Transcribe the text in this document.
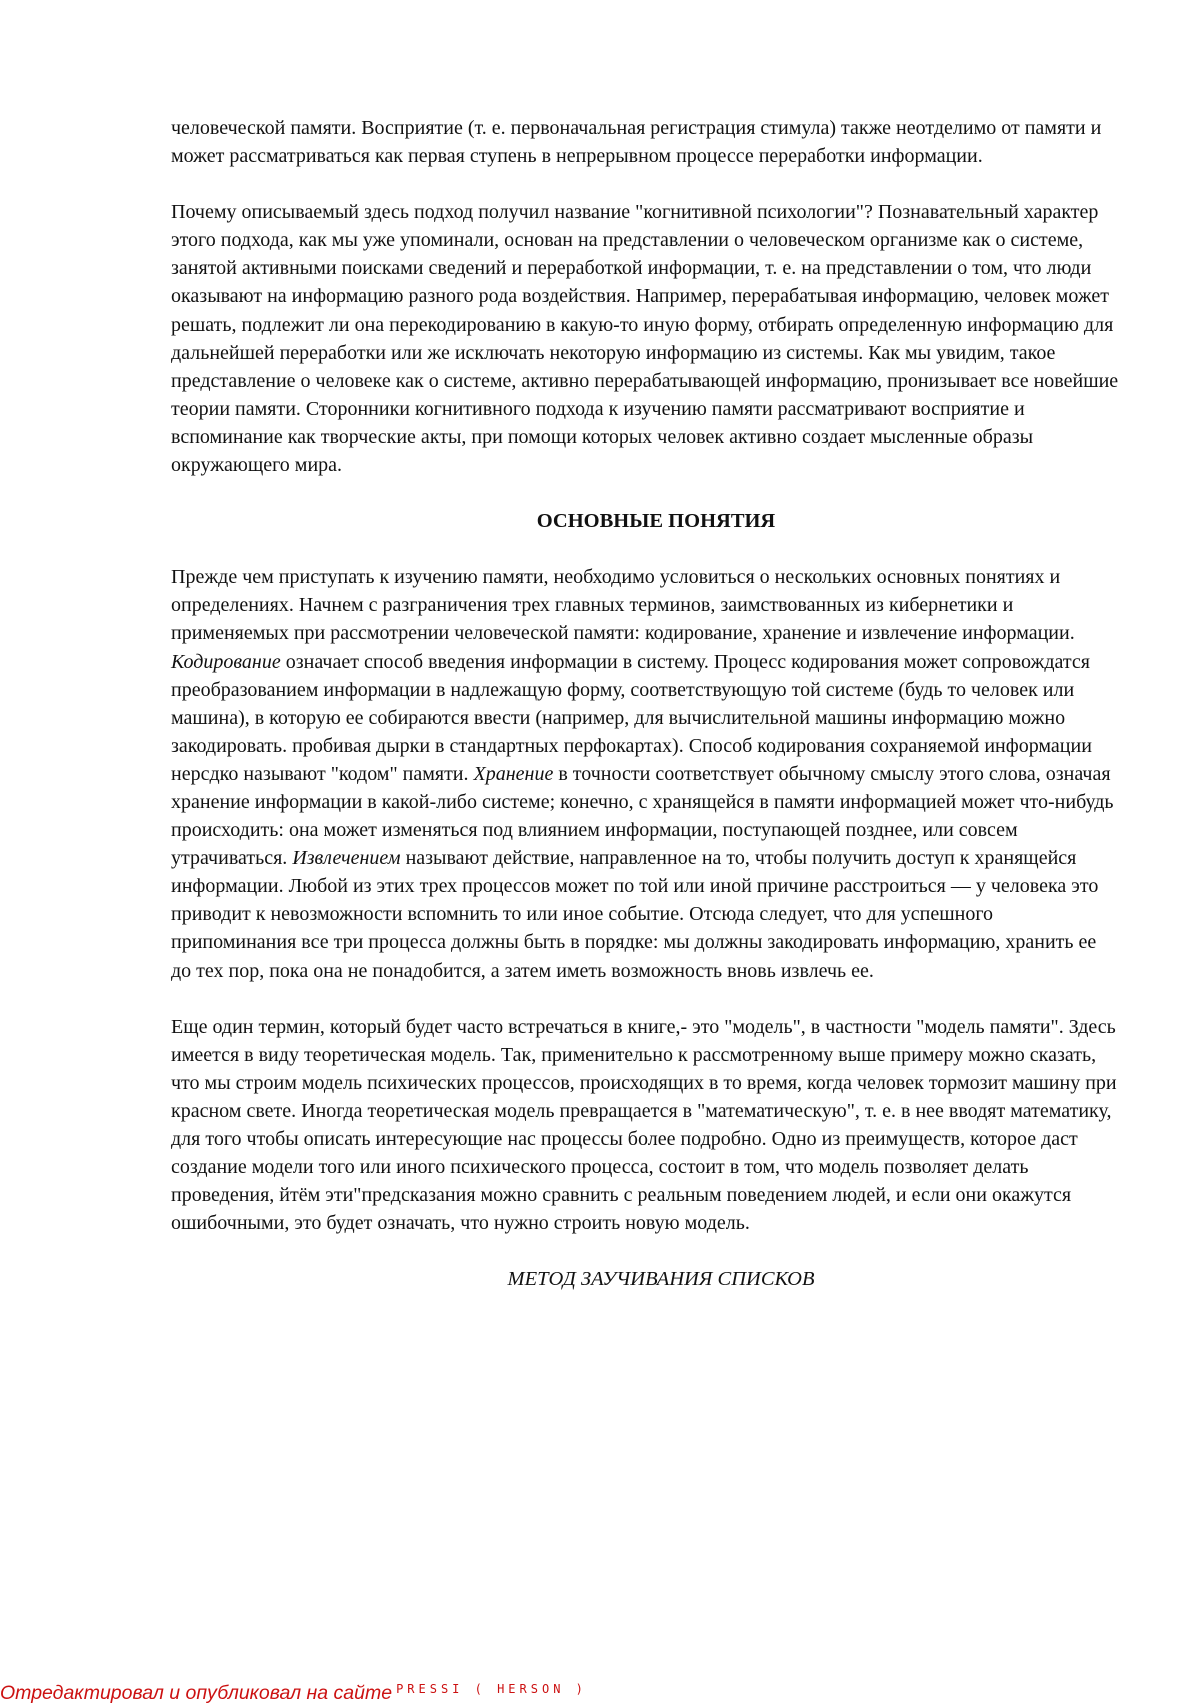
человеческой памяти. Восприятие (т. е. первоначальная регистрация стимула) также неотделимо от памяти и может рассматриваться как первая ступень в непрерывном процессе переработки информации.

Почему описываемый здесь подход получил название "когнитивной психологии"? Познавательный характер этого подхода, как мы уже упоминали, основан на представлении о человеческом организме как о системе, занятой активными поисками сведений и переработкой информации, т. е. на представлении о том, что люди оказывают на информацию разного рода воздействия. Например, перерабатывая информацию, человек может решать, подлежит ли она перекодированию в какую-то иную форму, отбирать определенную информацию для дальнейшей переработки или же исключать некоторую информацию из системы. Как мы увидим, такое представление о человеке как о системе, активно перерабатывающей информацию, пронизывает все новейшие теории памяти. Сторонники когнитивного подхода к изучению памяти рассматривают восприятие и вспоминание как творческие акты, при помощи которых человек активно создает мысленные образы окружающего мира.

ОСНОВНЫЕ ПОНЯТИЯ

Прежде чем приступать к изучению памяти, необходимо условиться о нескольких основных понятиях и определениях. Начнем с разграничения трех главных терминов, заимствованных из кибернетики и применяемых при рассмотрении человеческой памяти: кодирование, хранение и извлечение информации. Кодирование означает способ введения информации в систему. Процесс кодирования может сопровождатся преобразованием информации в надлежащую форму, соответствующую той системе (будь то человек или машина), в которую ее собираются ввести (например, для вычислительной машины информацию можно закодировать. пробивая дырки в стандартных перфокартах). Способ кодирования сохраняемой информации нерсдко называют "кодом" памяти. Хранение в точности соответствует обычному смыслу этого слова, означая хранение информации в какой-либо системе; конечно, с хранящейся в памяти информацией может что-нибудь происходить: она может изменяться под влиянием информации, поступающей позднее, или совсем утрачиваться. Извлечением называют действие, направленное на то, чтобы получить доступ к хранящейся информации. Любой из этих трех процессов может по той или иной причине расстроиться — у человека это приводит к невозможности вспомнить то или иное событие. Отсюда следует, что для успешного припоминания все три процесса должны быть в порядке: мы должны закодировать информацию, хранить ее до тех пор, пока она не понадобится, а затем иметь возможность вновь извлечь ее.

Еще один термин, который будет часто встречаться в книге,- это "модель", в частности "модель памяти". Здесь имеется в виду теоретическая модель. Так, применительно к рассмотренному выше примеру можно сказать, что мы строим модель психических процессов, происходящих в то время, когда человек тормозит машину при красном свете. Иногда теоретическая модель превращается в "математическую", т. е. в нее вводят математику, для того чтобы описать интересующие нас процессы более подробно. Одно из преимуществ, которое даст создание модели того или иного психического процесса, состоит в том, что модель позволяет делать проведения, йтём эти"предсказания можно сравнить с реальным поведением людей, и если они окажутся ошибочными, это будет означать, что нужно строить новую модель.

МЕТОД ЗАУЧИВАНИЯ СПИСКОВ

Отредактировал и опубликовал на сайте $^{PRESSI ( HERSON )}$
